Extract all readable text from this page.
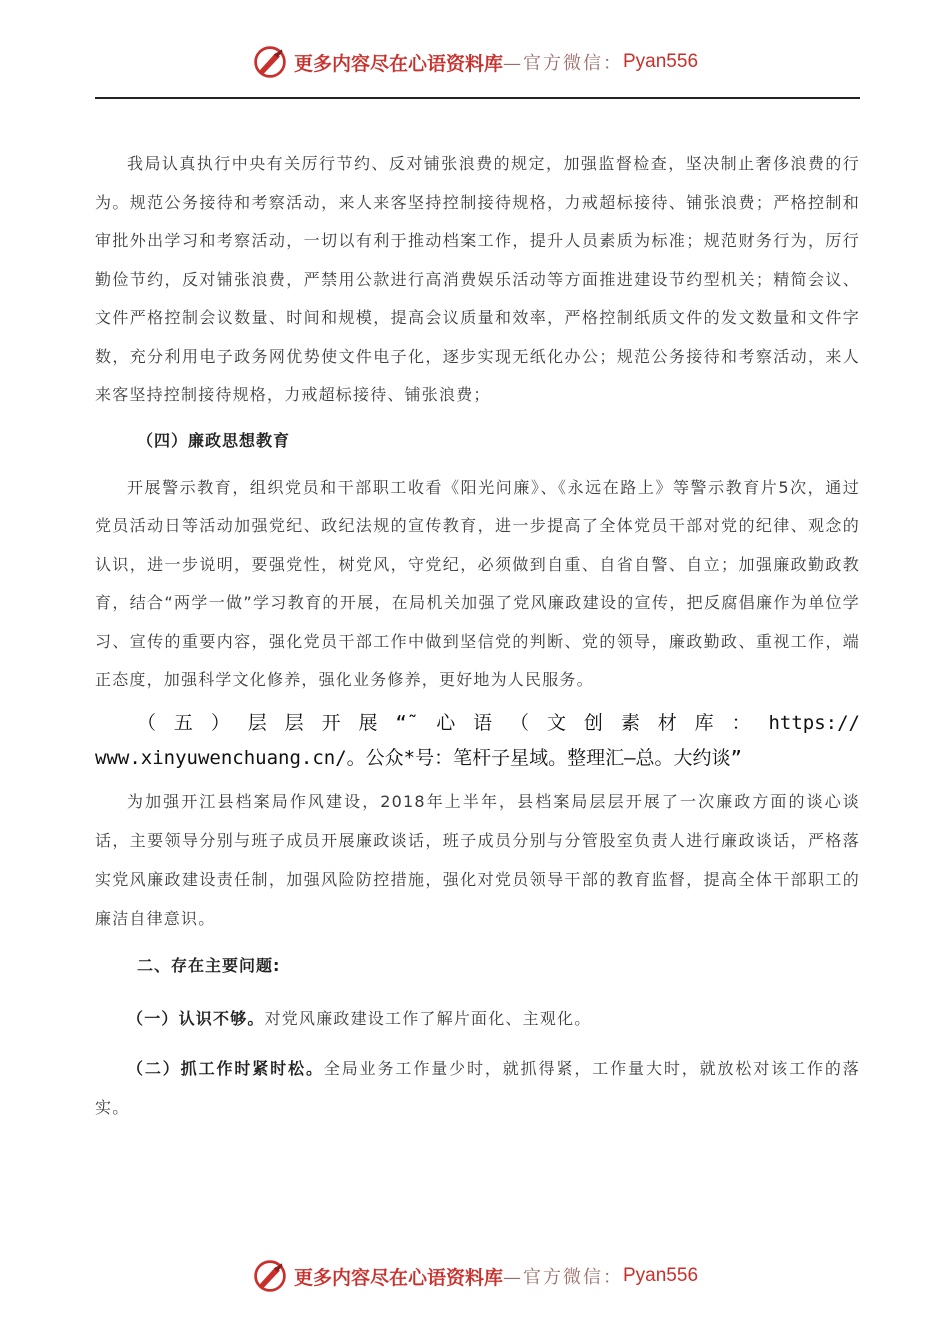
更多内容尽在心语资料库 —官方微信： Pyan556

我局认真执行中央有关厉行节约、反对铺张浪费的规定，加强监督检查，坚决制止奢侈浪费的行为。规范公务接待和考察活动，来人来客坚持控制接待规格，力戒超标接待、铺张浪费；严格控制和审批外出学习和考察活动，一切以有利于推动档案工作，提升人员素质为标准；规范财务行为，厉行勤俭节约，反对铺张浪费，严禁用公款进行高消费娱乐活动等方面推进建设节约型机关；精简会议、文件严格控制会议数量、时间和规模，提高会议质量和效率，严格控制纸质文件的发文数量和文件字数，充分利用电子政务网优势使文件电子化，逐步实现无纸化办公；规范公务接待和考察活动，来人来客坚持控制接待规格，力戒超标接待、铺张浪费；

（四）廉政思想教育

开展警示教育，组织党员和干部职工收看《阳光问廉》、《永远在路上》等警示教育片5次，通过党员活动日等活动加强党纪、政纪法规的宣传教育，进一步提高了全体党员干部对党的纪律、观念的认识，进一步说明，要强党性，树党风，守党纪，必须做到自重、自省自警、自立；加强廉政勤政教育，结合“两学一做”学习教育的开展，在局机关加强了党风廉政建设的宣传，把反腐倡廉作为单位学习、宣传的重要内容，强化党员干部工作中做到坚信党的判断、党的领导，廉政勤政、重视工作，端正态度，加强科学文化修养，强化业务修养，更好地为人民服务。

（五）层层开展“˜心语（文创素材库：https://
www.xinyuwenchuang.cn/。公众*号：笔杆子星域。整理汇—总。大约谈”

为加强开江县档案局作风建设，2018年上半年，县档案局层层开展了一次廉政方面的谈心谈话，主要领导分别与班子成员开展廉政谈话，班子成员分别与分管股室负责人进行廉政谈话，严格落实党风廉政建设责任制，加强风险防控措施，强化对党员领导干部的教育监督，提高全体干部职工的廉洁自律意识。

二、存在主要问题:

（一）认识不够。对党风廉政建设工作了解片面化、主观化。

（二）抓工作时紧时松。全局业务工作量少时，就抓得紧，工作量大时，就放松对该工作的落实。

更多内容尽在心语资料库 —官方微信： Pyan556
